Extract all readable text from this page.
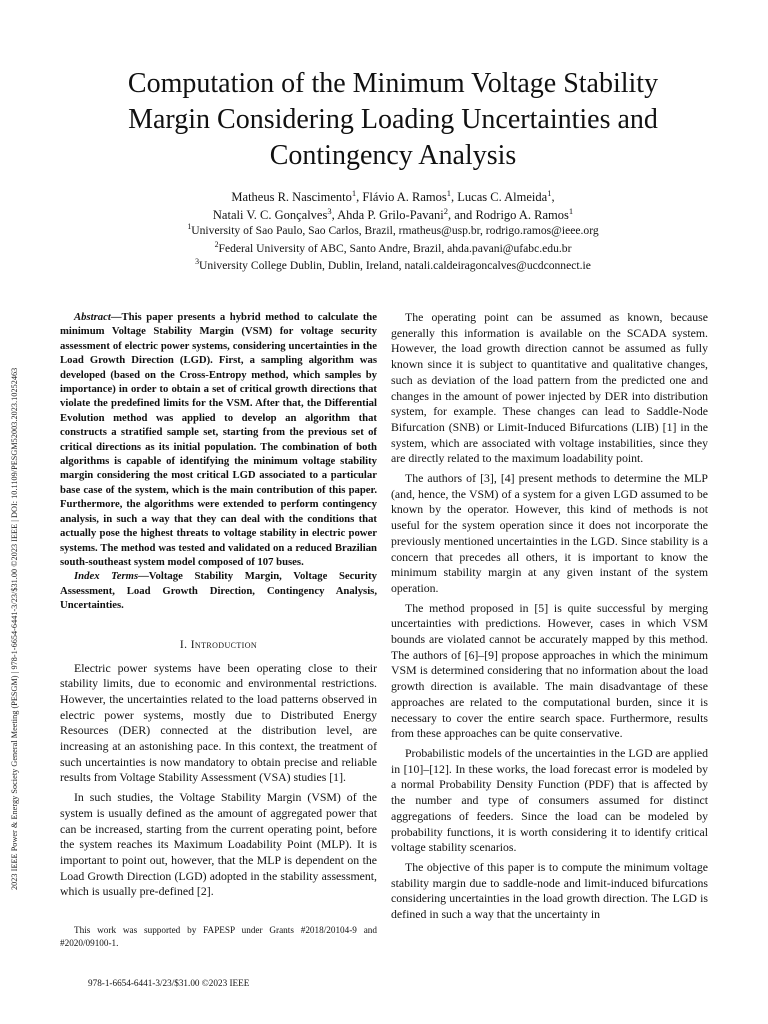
2023 IEEE Power & Energy Society General Meeting (PESGM) | 978-1-6654-6441-3/23/$31.00 ©2023 IEEE | DOI: 10.1109/PESGM52003.2023.10252463
Computation of the Minimum Voltage Stability
Margin Considering Loading Uncertainties and
Contingency Analysis
Matheus R. Nascimento$^1$, Flávio A. Ramos$^1$, Lucas C. Almeida$^1$,
Natali V. C. Gonçalves$^3$, Ahda P. Grilo-Pavani$^2$, and Rodrigo A. Ramos$^1$
$^1$University of Sao Paulo, Sao Carlos, Brazil, rmatheus@usp.br, rodrigo.ramos@ieee.org
$^2$Federal University of ABC, Santo Andre, Brazil, ahda.pavani@ufabc.edu.br
$^3$University College Dublin, Dublin, Ireland, natali.caldeiragoncalves@ucdconnect.ie

Abstract—This paper presents a hybrid method to calculate the minimum Voltage Stability Margin (VSM) for voltage security assessment of electric power systems, considering uncertainties in the Load Growth Direction (LGD). First, a sampling algorithm was developed (based on the Cross-Entropy method, which samples by importance) in order to obtain a set of critical growth directions that violate the predefined limits for the VSM. After that, the Differential Evolution method was applied to develop an algorithm that constructs a stratified sample set, starting from the previous set of critical directions as its initial population. The combination of both algorithms is capable of identifying the minimum voltage stability margin considering the most critical LGD associated to a particular base case of the system, which is the main contribution of this paper. Furthermore, the algorithms were extended to perform contingency analysis, in such a way that they can deal with the conditions that actually pose the highest threats to voltage stability in electric power systems. The method was tested and validated on a reduced Brazilian south-southeast system model composed of 107 buses.

Index Terms—Voltage Stability Margin, Voltage Security Assessment, Load Growth Direction, Contingency Analysis, Uncertainties.

I. Introduction

Electric power systems have been operating close to their stability limits, due to economic and environmental restrictions. However, the uncertainties related to the load patterns observed in electric power systems, mostly due to Distributed Energy Resources (DER) connected at the distribution level, are increasing at an astonishing pace. In this context, the treatment of such uncertainties is now mandatory to obtain precise and reliable results from Voltage Stability Assessment (VSA) studies [1].

In such studies, the Voltage Stability Margin (VSM) of the system is usually defined as the amount of aggregated power that can be increased, starting from the current operating point, before the system reaches its Maximum Loadability Point (MLP). It is important to point out, however, that the MLP is dependent on the Load Growth Direction (LGD) adopted in the stability assessment, which is usually pre-defined [2].

This work was supported by FAPESP under Grants #2018/20104-9 and #2020/09100-1.

The operating point can be assumed as known, because generally this information is available on the SCADA system. However, the load growth direction cannot be assumed as fully known since it is subject to quantitative and qualitative changes, such as deviation of the load pattern from the predicted one and changes in the amount of power injected by DER into distribution system, for example. These changes can lead to Saddle-Node Bifurcation (SNB) or Limit-Induced Bifurcations (LIB) [1] in the system, which are associated with voltage instabilities, since they are directly related to the maximum loadability point.

The authors of [3], [4] present methods to determine the MLP (and, hence, the VSM) of a system for a given LGD assumed to be known by the operator. However, this kind of methods is not useful for the system operation since it does not incorporate the previously mentioned uncertainties in the LGD. Since stability is a concern that precedes all others, it is important to know the minimum stability margin at any given instant of the system operation.

The method proposed in [5] is quite successful by merging uncertainties with predictions. However, cases in which VSM bounds are violated cannot be accurately mapped by this method. The authors of [6]–[9] propose approaches in which the minimum VSM is determined considering that no information about the load growth direction is available. The main disadvantage of these approaches are related to the computational burden, since it is necessary to cover the entire search space. Furthermore, results from these approaches can be quite conservative.

Probabilistic models of the uncertainties in the LGD are applied in [10]–[12]. In these works, the load forecast error is modeled by a normal Probability Density Function (PDF) that is affected by the number and type of consumers assumed for distinct aggregations of feeders. Since the load can be modeled by probability functions, it is worth considering it to identify critical voltage stability scenarios.

The objective of this paper is to compute the minimum voltage stability margin due to saddle-node and limit-induced bifurcations considering uncertainties in the load growth direction. The LGD is defined in such a way that the uncertainty in

978-1-6654-6441-3/23/$31.00 ©2023 IEEE
